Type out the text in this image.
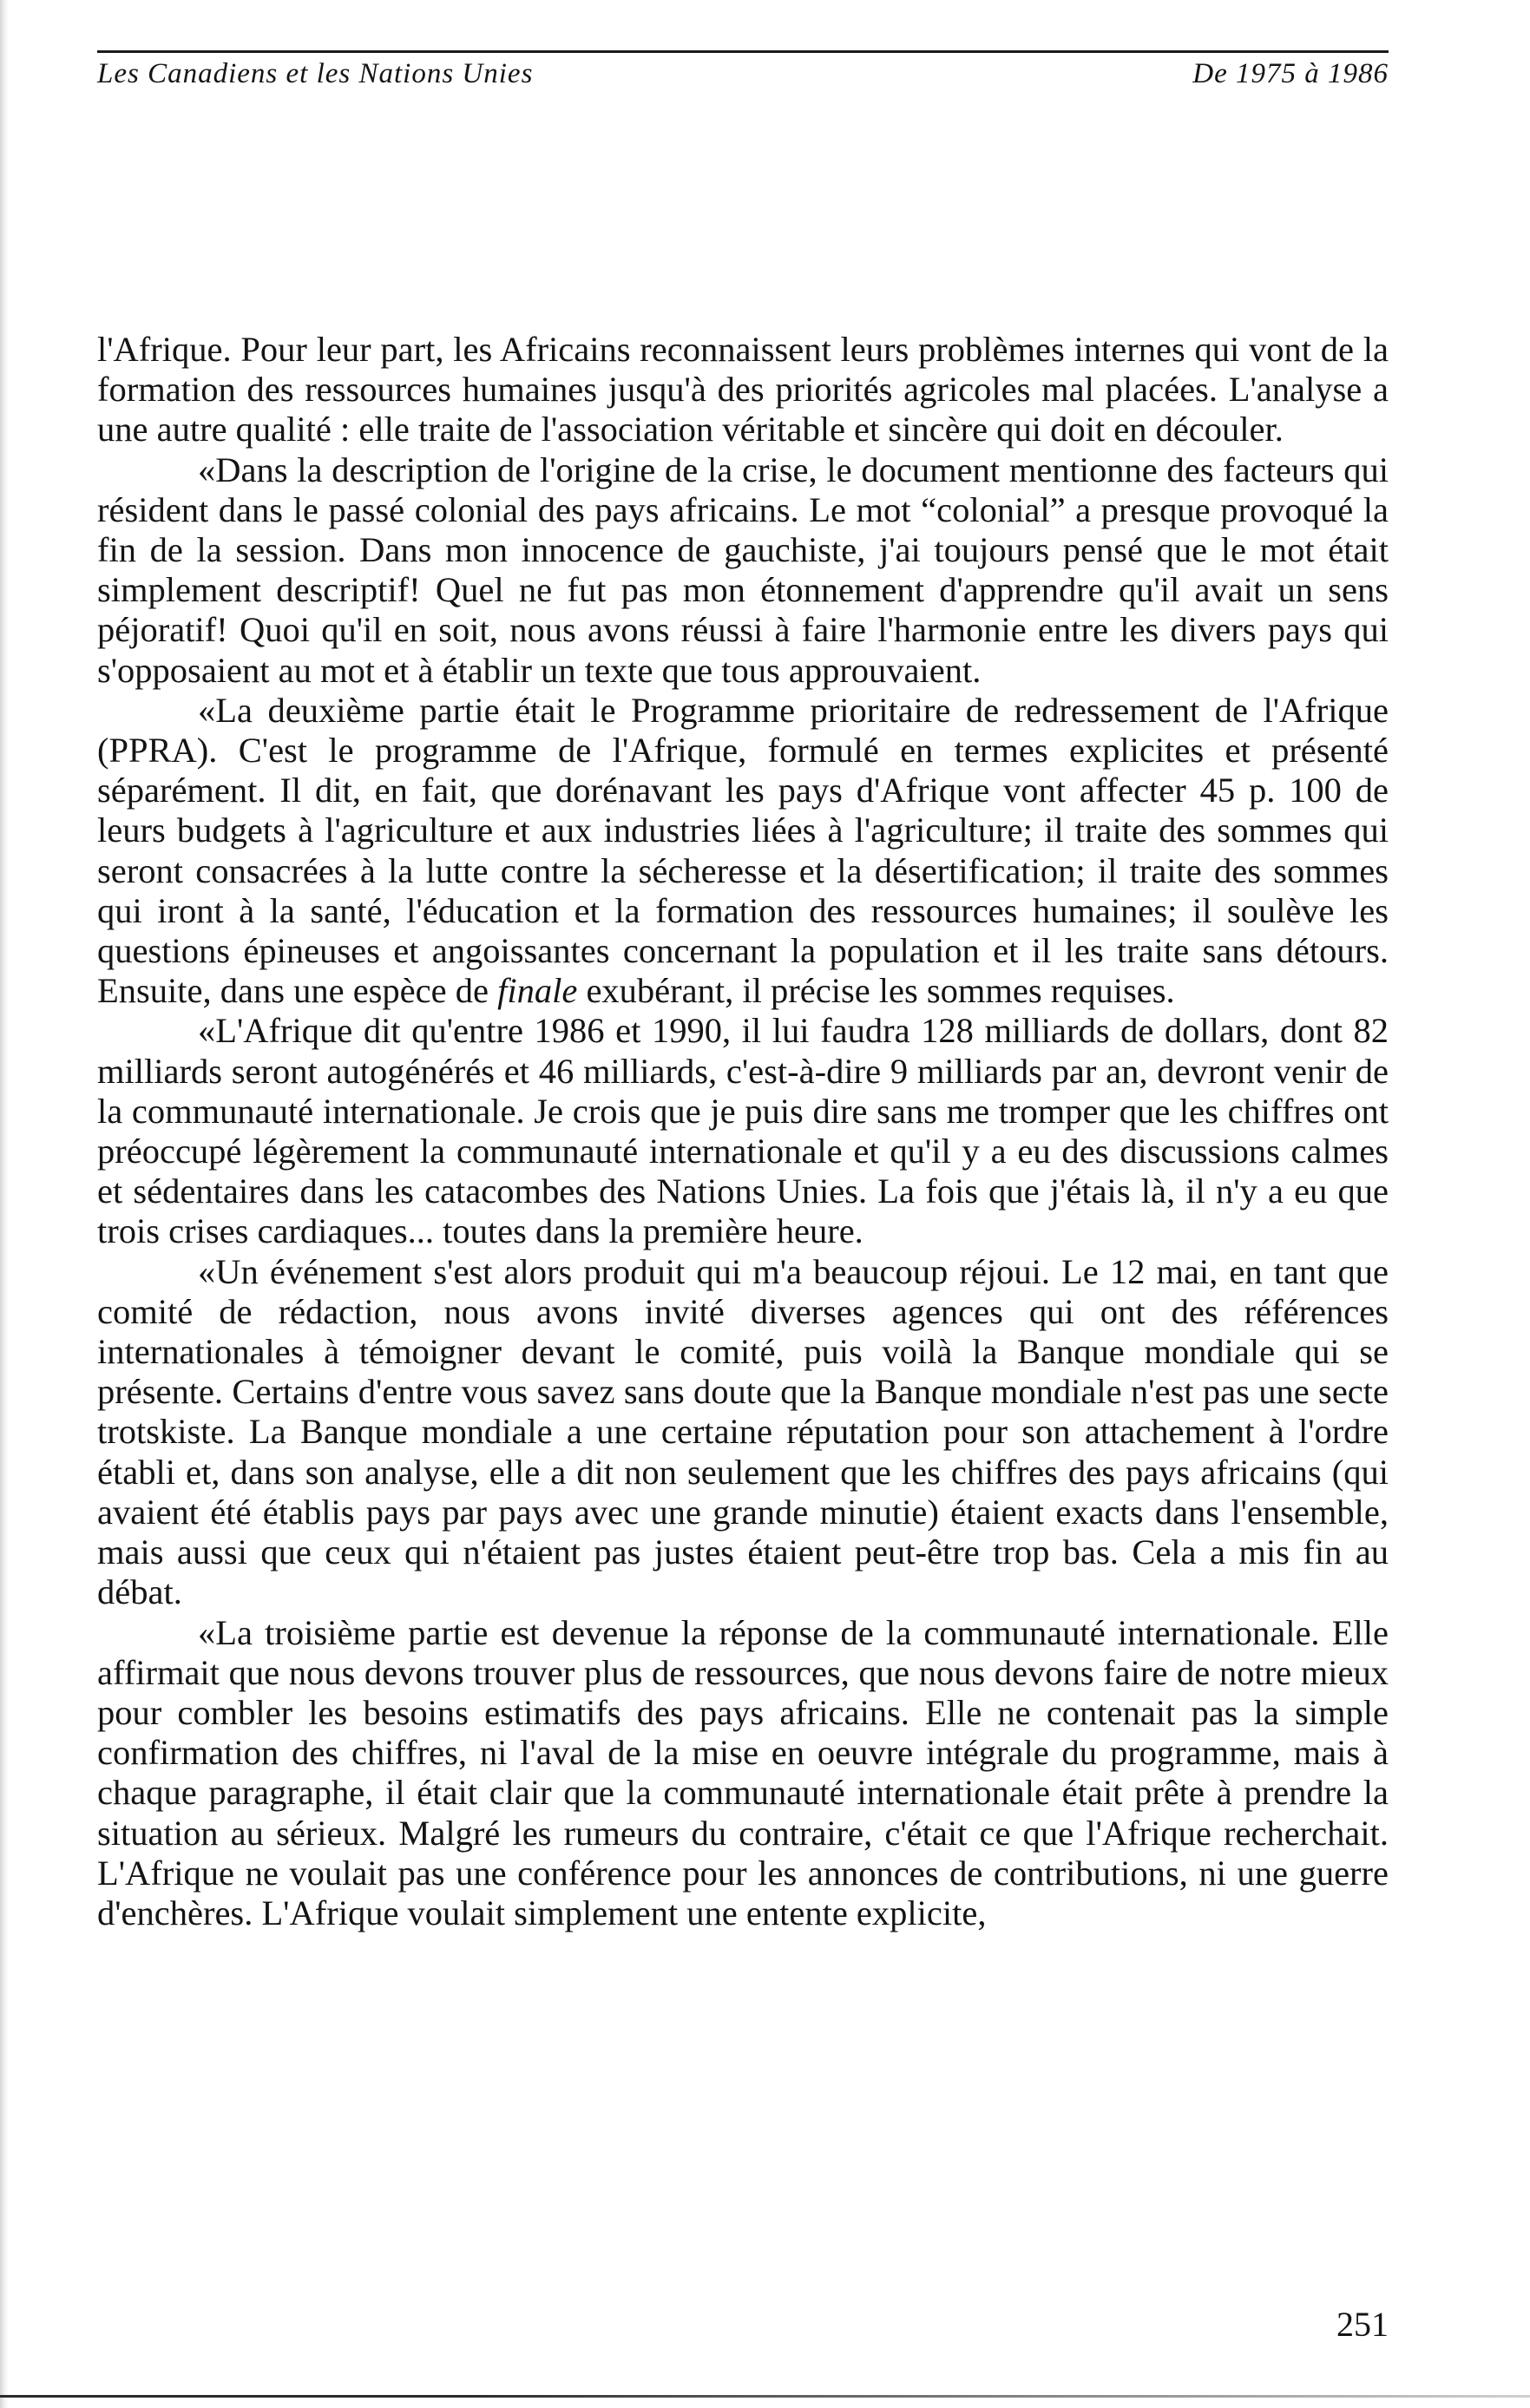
Les Canadiens et les Nations Unies	De 1975 à 1986

l'Afrique. Pour leur part, les Africains reconnaissent leurs problèmes internes qui vont de la formation des ressources humaines jusqu'à des priorités agricoles mal placées. L'analyse a une autre qualité : elle traite de l'association véritable et sincère qui doit en découler.

«Dans la description de l'origine de la crise, le document mentionne des facteurs qui résident dans le passé colonial des pays africains. Le mot “colonial” a presque provoqué la fin de la session. Dans mon innocence de gauchiste, j'ai toujours pensé que le mot était simplement descriptif! Quel ne fut pas mon étonnement d'apprendre qu'il avait un sens péjoratif! Quoi qu'il en soit, nous avons réussi à faire l'harmonie entre les divers pays qui s'opposaient au mot et à établir un texte que tous approuvaient.

«La deuxième partie était le Programme prioritaire de redressement de l'Afrique (PPRA). C'est le programme de l'Afrique, formulé en termes explicites et présenté séparément. Il dit, en fait, que dorénavant les pays d'Afrique vont affecter 45 p. 100 de leurs budgets à l'agriculture et aux industries liées à l'agriculture; il traite des sommes qui seront consacrées à la lutte contre la sécheresse et la désertification; il traite des sommes qui iront à la santé, l'éducation et la formation des ressources humaines; il soulève les questions épineuses et angoissantes concernant la population et il les traite sans détours. Ensuite, dans une espèce de finale exubérant, il précise les sommes requises.

«L'Afrique dit qu'entre 1986 et 1990, il lui faudra 128 milliards de dollars, dont 82 milliards seront autogénérés et 46 milliards, c'est-à-dire 9 milliards par an, devront venir de la communauté internationale. Je crois que je puis dire sans me tromper que les chiffres ont préoccupé légèrement la communauté internationale et qu'il y a eu des discussions calmes et sédentaires dans les catacombes des Nations Unies. La fois que j'étais là, il n'y a eu que trois crises cardiaques... toutes dans la première heure.

«Un événement s'est alors produit qui m'a beaucoup réjoui. Le 12 mai, en tant que comité de rédaction, nous avons invité diverses agences qui ont des références internationales à témoigner devant le comité, puis voilà la Banque mondiale qui se présente. Certains d'entre vous savez sans doute que la Banque mondiale n'est pas une secte trotskiste. La Banque mondiale a une certaine réputation pour son attachement à l'ordre établi et, dans son analyse, elle a dit non seulement que les chiffres des pays africains (qui avaient été établis pays par pays avec une grande minutie) étaient exacts dans l'ensemble, mais aussi que ceux qui n'étaient pas justes étaient peut-être trop bas. Cela a mis fin au débat.

«La troisième partie est devenue la réponse de la communauté internationale. Elle affirmait que nous devons trouver plus de ressources, que nous devons faire de notre mieux pour combler les besoins estimatifs des pays africains. Elle ne contenait pas la simple confirmation des chiffres, ni l'aval de la mise en oeuvre intégrale du programme, mais à chaque paragraphe, il était clair que la communauté internationale était prête à prendre la situation au sérieux. Malgré les rumeurs du contraire, c'était ce que l'Afrique recherchait. L'Afrique ne voulait pas une conférence pour les annonces de contributions, ni une guerre d'enchères. L'Afrique voulait simplement une entente explicite,

251
